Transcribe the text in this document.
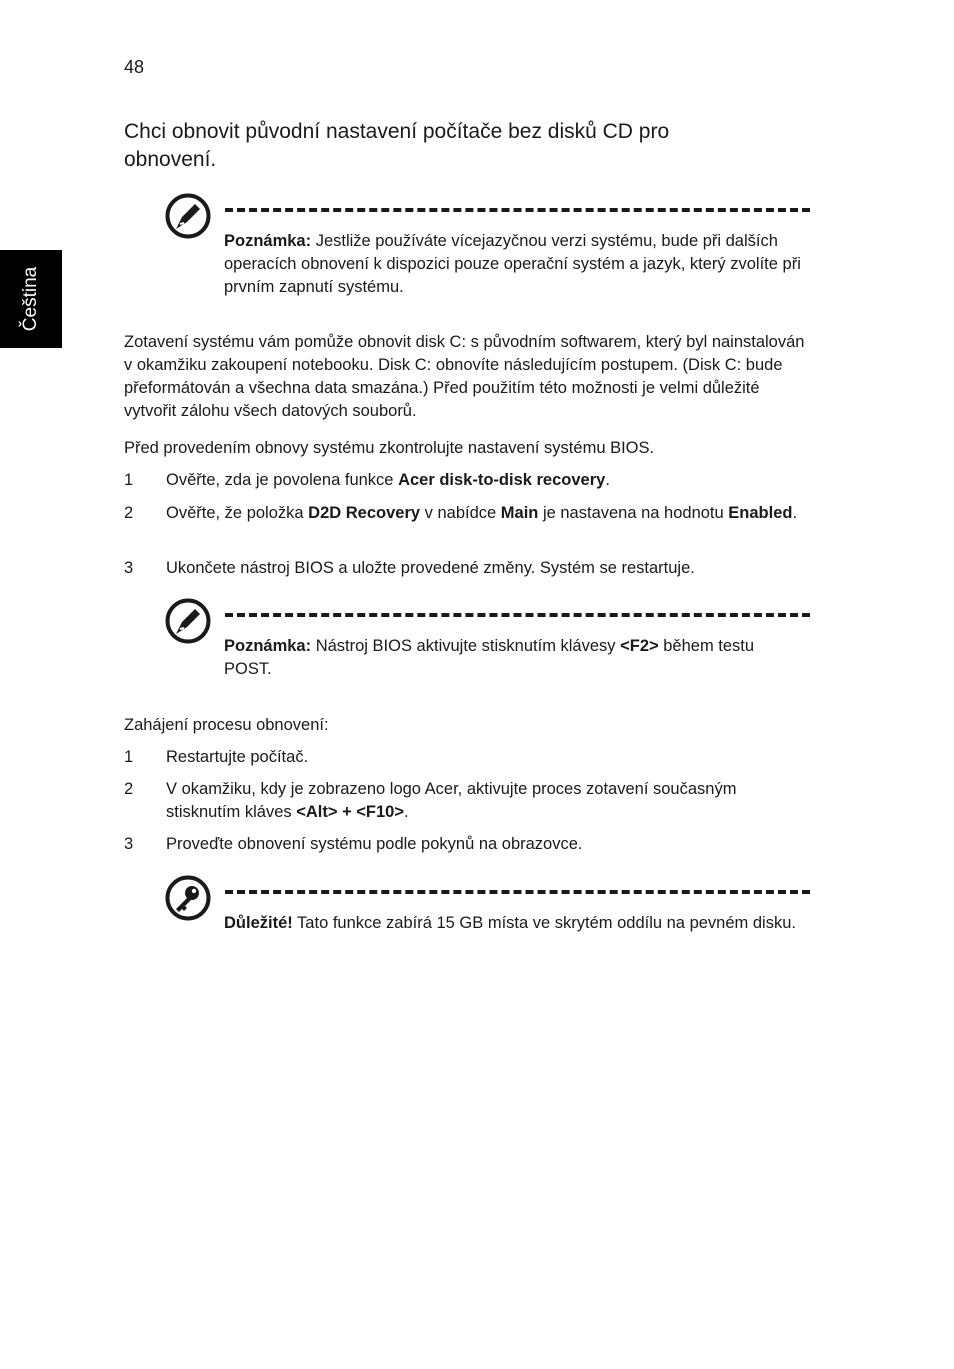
48
Čeština
Chci obnovit původní nastavení počítače bez disků CD pro obnovení.
Poznámka: Jestliže používáte vícejazyčnou verzi systému, bude při dalších operacích obnovení k dispozici pouze operační systém a jazyk, který zvolíte při prvním zapnutí systému.
Zotavení systému vám pomůže obnovit disk C: s původním softwarem, který byl nainstalován v okamžiku zakoupení notebooku. Disk C: obnovíte následujícím postupem. (Disk C: bude přeformátován a všechna data smazána.) Před použitím této možnosti je velmi důležité vytvořit zálohu všech datových souborů.
Před provedením obnovy systému zkontrolujte nastavení systému BIOS.
1 Ověřte, zda je povolena funkce Acer disk-to-disk recovery.
2 Ověřte, že položka D2D Recovery v nabídce Main je nastavena na hodnotu Enabled.
3 Ukončete nástroj BIOS a uložte provedené změny. Systém se restartuje.
Poznámka: Nástroj BIOS aktivujte stisknutím klávesy <F2> během testu POST.
Zahájení procesu obnovení:
1 Restartujte počítač.
2 V okamžiku, kdy je zobrazeno logo Acer, aktivujte proces zotavení současným stisknutím kláves <Alt> + <F10>.
3 Proveďte obnovení systému podle pokynů na obrazovce.
Důležité! Tato funkce zabírá 15 GB místa ve skrytém oddílu na pevném disku.
